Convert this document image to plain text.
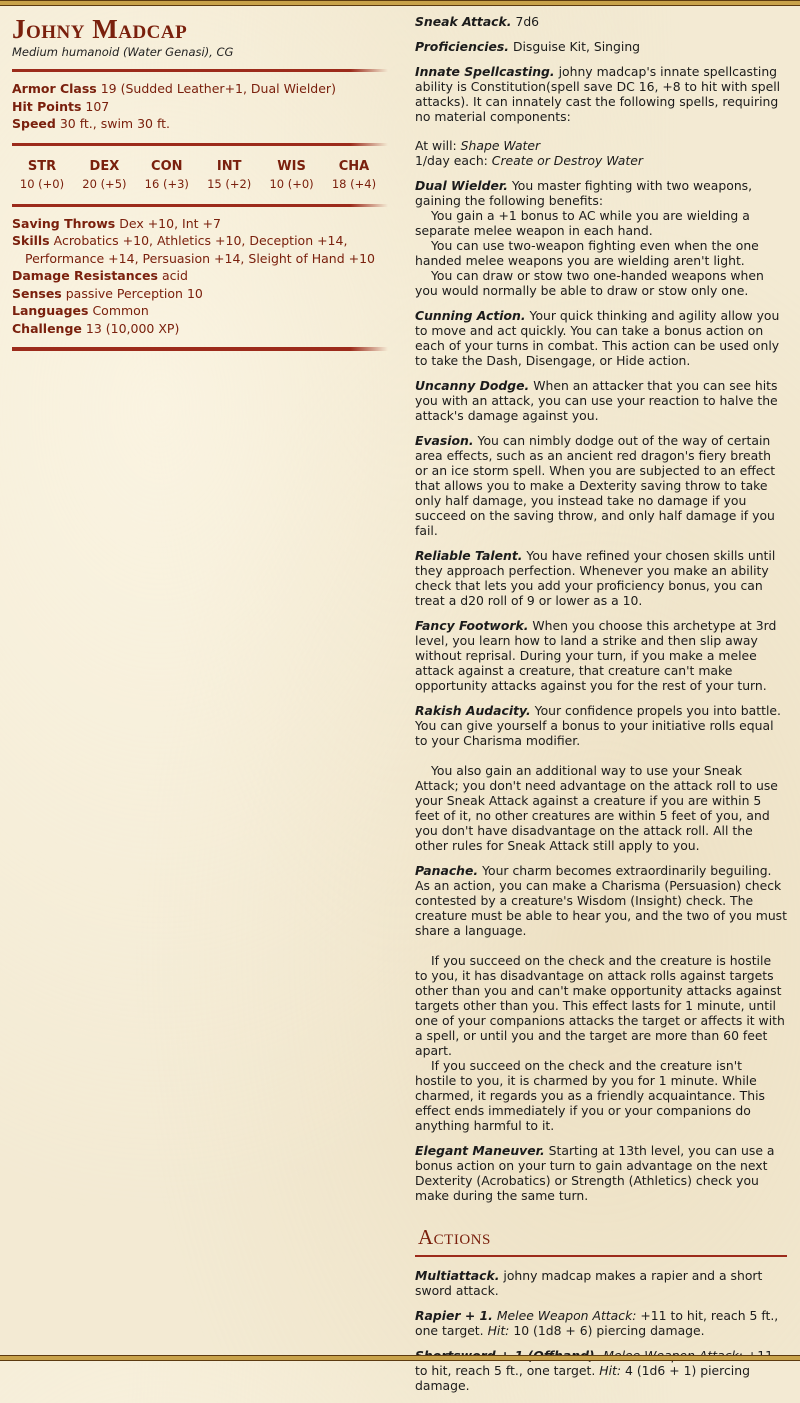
Johny Madcap
Medium humanoid (Water Genasi), CG
Armor Class 19 (Sudded Leather+1, Dual Wielder)
Hit Points 107
Speed 30 ft., swim 30 ft.
STR
10 (+0)
DEX
20 (+5)
CON
16 (+3)
INT
15 (+2)
WIS
10 (+0)
CHA
18 (+4)
Saving Throws Dex +10, Int +7
Skills Acrobatics +10, Athletics +10, Deception +14,
Performance +14, Persuasion +14, Sleight of Hand +10
Damage Resistances acid
Senses passive Perception 10
Languages Common
Challenge 13 (10,000 XP)

Sneak Attack. 7d6

Proficiencies. Disguise Kit, Singing

Innate Spellcasting. johny madcap's innate spellcasting ability is Constitution(spell save DC 16, +8 to hit with spell attacks). It can innately cast the following spells, requiring no material components:

At will: Shape Water

1/day each: Create or Destroy Water

Dual Wielder. You master fighting with two weapons, gaining the following benefits:
You gain a +1 bonus to AC while you are wielding a separate melee weapon in each hand.
You can use two-weapon fighting even when the one handed melee weapons you are wielding aren't light.
You can draw or stow two one-handed weapons when you would normally be able to draw or stow only one.

Cunning Action. Your quick thinking and agility allow you to move and act quickly. You can take a bonus action on each of your turns in combat. This action can be used only to take the Dash, Disengage, or Hide action.

Uncanny Dodge. When an attacker that you can see hits you with an attack, you can use your reaction to halve the attack's damage against you.

Evasion. You can nimbly dodge out of the way of certain area effects, such as an ancient red dragon's fiery breath or an ice storm spell. When you are subjected to an effect that allows you to make a Dexterity saving throw to take only half damage, you instead take no damage if you succeed on the saving throw, and only half damage if you fail.

Reliable Talent. You have refined your chosen skills until they approach perfection. Whenever you make an ability check that lets you add your proficiency bonus, you can treat a d20 roll of 9 or lower as a 10.

Fancy Footwork. When you choose this archetype at 3rd level, you learn how to land a strike and then slip away without reprisal. During your turn, if you make a melee attack against a creature, that creature can't make opportunity attacks against you for the rest of your turn.

Rakish Audacity. Your confidence propels you into battle. You can give yourself a bonus to your initiative rolls equal to your Charisma modifier.
You also gain an additional way to use your Sneak Attack; you don't need advantage on the attack roll to use your Sneak Attack against a creature if you are within 5 feet of it, no other creatures are within 5 feet of you, and you don't have disadvantage on the attack roll. All the other rules for Sneak Attack still apply to you.

Panache. Your charm becomes extraordinarily beguiling. As an action, you can make a Charisma (Persuasion) check contested by a creature's Wisdom (Insight) check. The creature must be able to hear you, and the two of you must share a language.
If you succeed on the check and the creature is hostile to you, it has disadvantage on attack rolls against targets other than you and can't make opportunity attacks against targets other than you. This effect lasts for 1 minute, until one of your companions attacks the target or affects it with a spell, or until you and the target are more than 60 feet apart.
If you succeed on the check and the creature isn't hostile to you, it is charmed by you for 1 minute. While charmed, it regards you as a friendly acquaintance. This effect ends immediately if you or your companions do anything harmful to it.

Elegant Maneuver. Starting at 13th level, you can use a bonus action on your turn to gain advantage on the next Dexterity (Acrobatics) or Strength (Athletics) check you make during the same turn.

Actions

Multiattack. johny madcap makes a rapier and a short sword attack.

Rapier + 1. Melee Weapon Attack: +11 to hit, reach 5 ft., one target. Hit: 10 (1d8 + 6) piercing damage.

to hit, reach 5 ft., one target. Hit: 4 (1d6 + 1) piercing damage.
